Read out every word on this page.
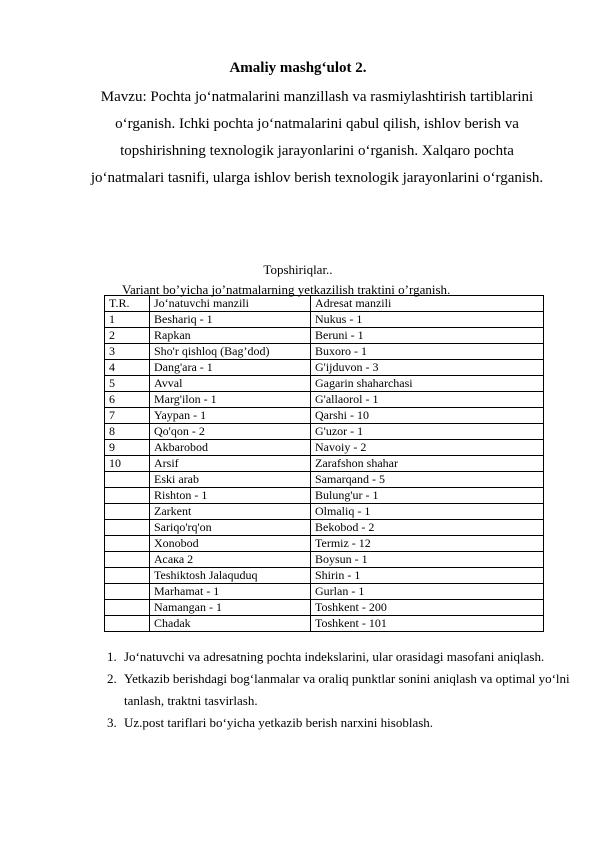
Amaliy mashg‘ulot 2.
Mavzu: Pochta jo‘natmalarini manzillash va rasmiylashtirish tartiblarini o‘rganish. Ichki pochta jo‘natmalarini qabul qilish, ishlov berish va topshirishning texnologik jarayonlarini o‘rganish. Xalqaro pochta jo‘natmalari tasnifi, ularga ishlov berish texnologik jarayonlarini o‘rganish.
Topshiriqlar..
Variant bo’yicha jo’natmalarning yetkazilish traktini o’rganish.
T.R.	Jo‘natuvchi manzili	Adresat manzili
1	Beshariq - 1	Nukus - 1
2	Rapkan	Beruni - 1
3	Sho'r qishloq (Bag’dod)	Buxoro - 1
4	Dang'ara - 1	G'ijduvon - 3
5	Avval	Gagarin shaharchasi
6	Marg'ilon - 1	G'allaorol - 1
7	Yaypan - 1	Qarshi - 10
8	Qo'qon - 2	G'uzor - 1
9	Akbarobod	Navoiy - 2
10	Arsif	Zarafshon shahar
	Eski arab	Samarqand - 5
	Rishton - 1	Bulung'ur - 1
	Zarkent	Olmaliq - 1
	Sariqo'rq'on	Bekobod - 2
	Xonobod	Termiz - 12
	Асака 2	Boysun - 1
	Teshiktosh Jalaquduq	Shirin - 1
	Marhamat - 1	Gurlan - 1
	Namangan - 1	Toshkent - 200
	Chadak	Toshkent - 101
1. Jo‘natuvchi va adresatning pochta indekslarini, ular orasidagi masofani aniqlash.
2. Yetkazib berishdagi bog‘lanmalar va oraliq punktlar sonini aniqlash va optimal yo‘lni tanlash, traktni tasvirlash.
3. Uz.post tariflari bo‘yicha yetkazib berish narxini hisoblash.
